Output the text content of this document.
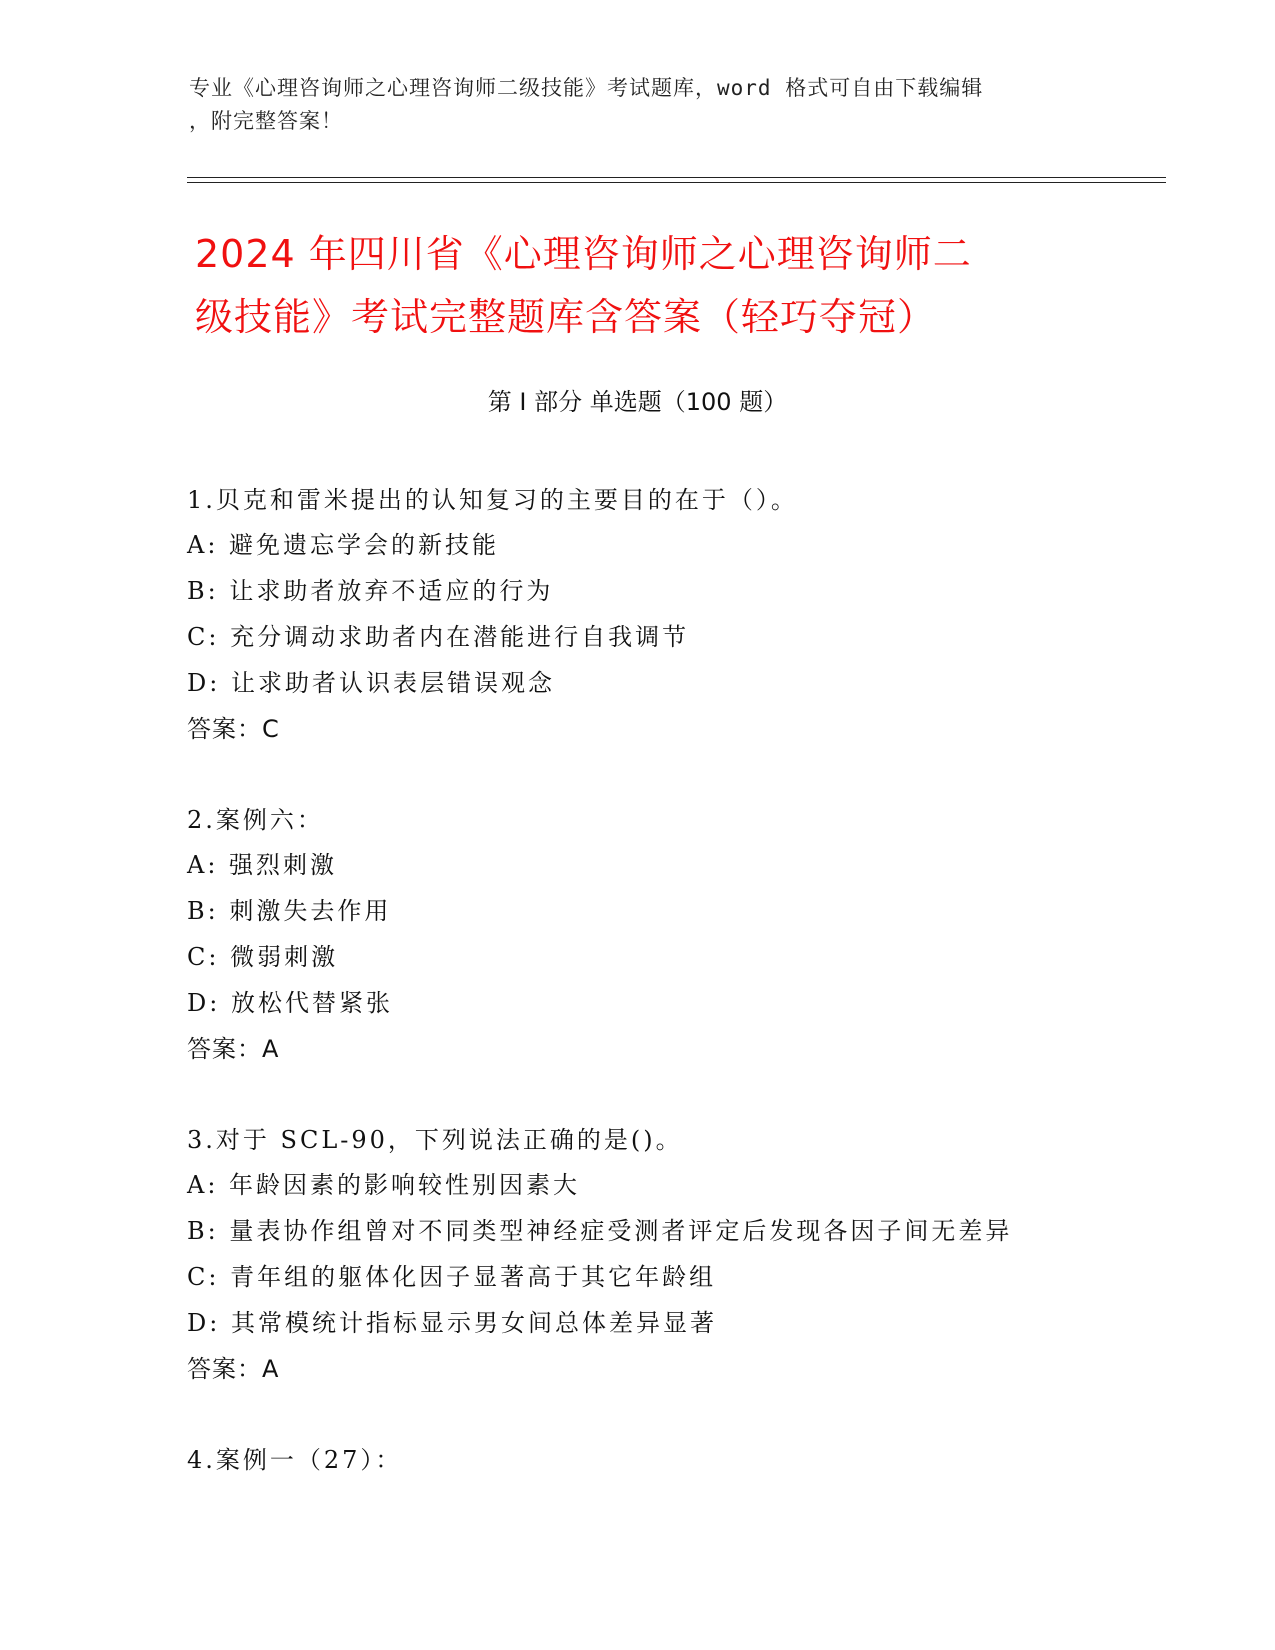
专业《心理咨询师之心理咨询师二级技能》考试题库，word 格式可自由下载编辑
，附完整答案！
2024 年四川省《心理咨询师之心理咨询师二
级技能》考试完整题库含答案（轻巧夺冠）
第 I 部分 单选题（100 题）
1.贝克和雷米提出的认知复习的主要目的在于（）。
A: 避免遗忘学会的新技能
B: 让求助者放弃不适应的行为
C: 充分调动求助者内在潜能进行自我调节
D: 让求助者认识表层错误观念
答案：C
2.案例六：
A: 强烈刺激
B: 刺激失去作用
C: 微弱刺激
D: 放松代替紧张
答案：A
3.对于 SCL-90，下列说法正确的是()。
A: 年龄因素的影响较性别因素大
B: 量表协作组曾对不同类型神经症受测者评定后发现各因子间无差异
C: 青年组的躯体化因子显著高于其它年龄组
D: 其常模统计指标显示男女间总体差异显著
答案：A
4.案例一（27）：
